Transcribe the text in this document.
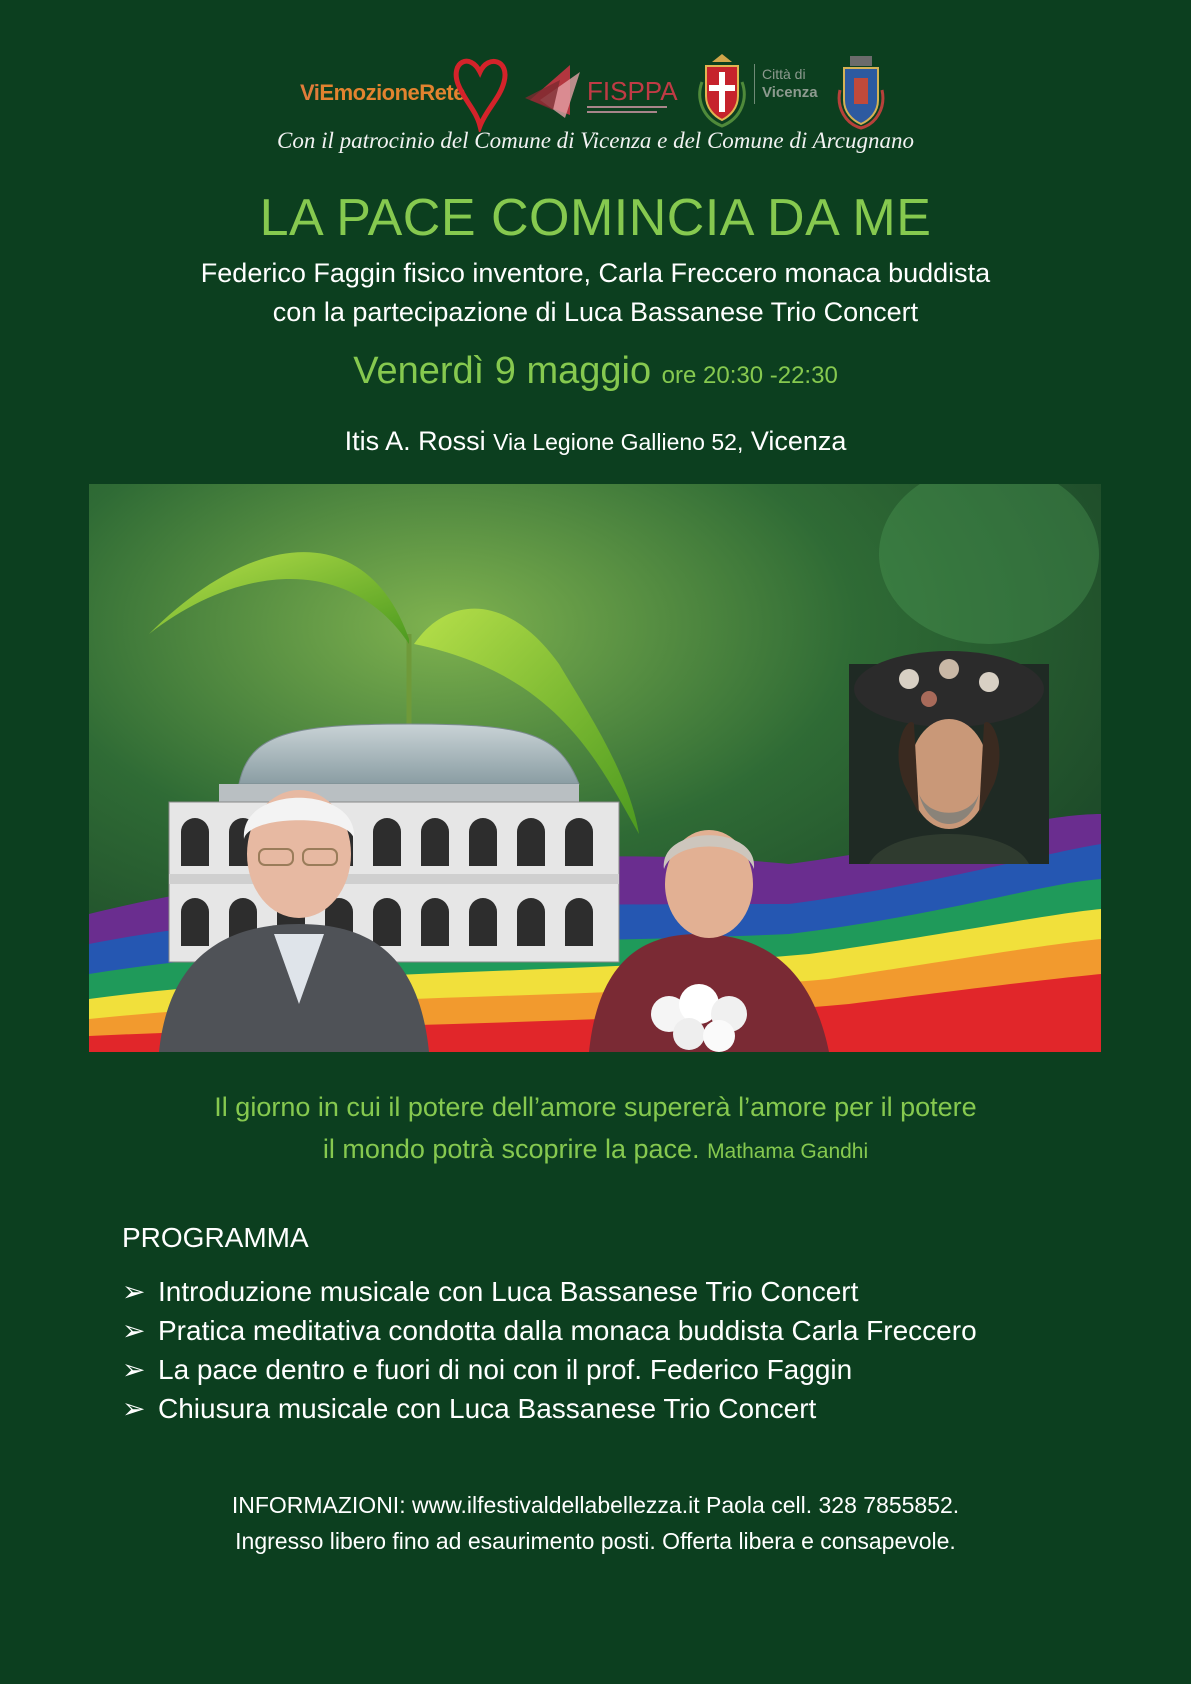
ViEmozioneRete	FISPPA
Città di
Vicenza
Con il patrocinio del Comune di Vicenza e del Comune di Arcugnano
LA PACE COMINCIA DA ME
Federico Faggin fisico inventore, Carla Freccero monaca buddista
con la partecipazione di Luca Bassanese Trio Concert
Venerdì 9 maggio ore 20:30 -22:30
Itis A. Rossi Via Legione Gallieno 52, Vicenza
Il giorno in cui il potere dell’amore supererà l’amore per il potere
il mondo potrà scoprire la pace. Mathama Gandhi
PROGRAMMA
➢ Introduzione musicale con Luca Bassanese Trio Concert
➢ Pratica meditativa condotta dalla monaca buddista Carla Freccero
➢ La pace dentro e fuori di noi con il prof. Federico Faggin
➢ Chiusura musicale con Luca Bassanese Trio Concert
INFORMAZIONI: www.ilfestivaldellabellezza.it Paola cell. 328 7855852.
Ingresso libero fino ad esaurimento posti. Offerta libera e consapevole.
